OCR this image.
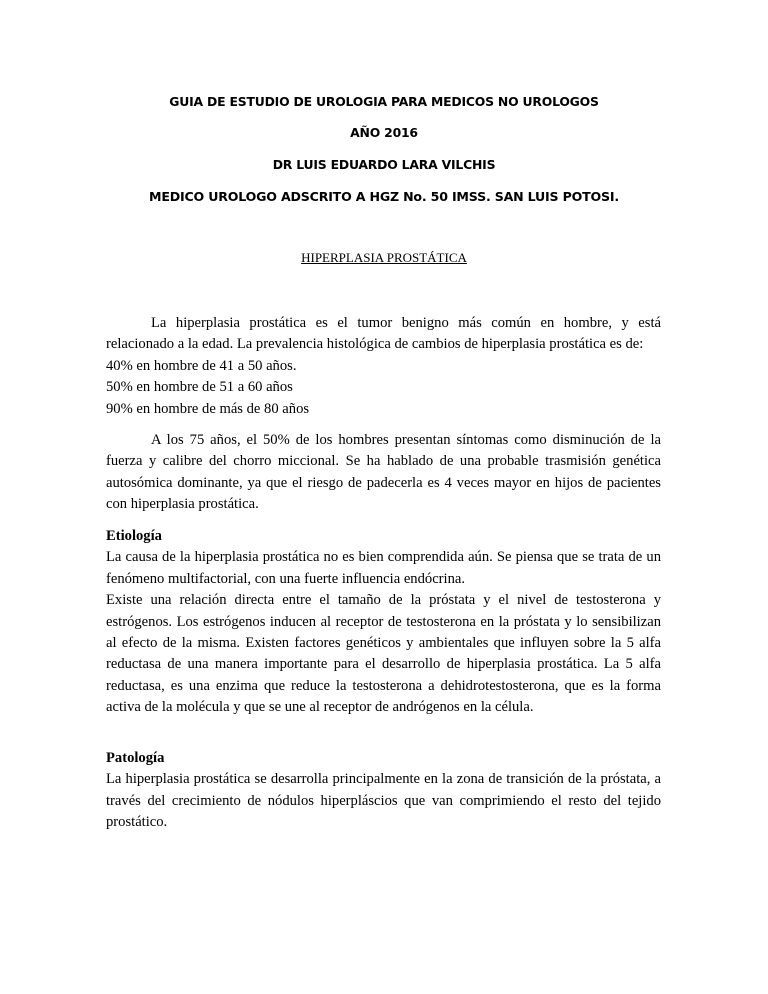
GUIA DE ESTUDIO DE UROLOGIA PARA MEDICOS NO UROLOGOS
AÑO 2016
DR LUIS EDUARDO LARA VILCHIS
MEDICO UROLOGO ADSCRITO A HGZ No. 50 IMSS. SAN LUIS POTOSI.
HIPERPLASIA PROSTÁTICA

La hiperplasia prostática es el tumor benigno más común en hombre, y está relacionado a la edad. La prevalencia histológica de cambios de hiperplasia prostática es de:

40% en hombre de 41 a 50 años.

50% en hombre de 51 a 60 años

90% en hombre de más de 80 años

A los 75 años, el 50% de los hombres presentan síntomas como disminución de la fuerza y calibre del chorro miccional. Se ha hablado de una probable trasmisión genética autosómica dominante, ya que el riesgo de padecerla es 4 veces mayor en hijos de pacientes con hiperplasia prostática.

Etiología

La causa de la hiperplasia prostática no es bien comprendida aún. Se piensa que se trata de un fenómeno multifactorial, con una fuerte influencia endócrina.

Existe una relación directa entre el tamaño de la próstata y el nivel de testosterona y estrógenos. Los estrógenos inducen al receptor de testosterona en la próstata y lo sensibilizan al efecto de la misma. Existen factores genéticos y ambientales que influyen sobre la 5 alfa reductasa de una manera importante para el desarrollo de hiperplasia prostática. La 5 alfa reductasa, es una enzima que reduce la testosterona a dehidrotestosterona, que es la forma activa de la molécula y que se une al receptor de andrógenos en la célula.

Patología

La hiperplasia prostática se desarrolla principalmente en la zona de transición de la próstata, a través del crecimiento de nódulos hiperpláscios que van comprimiendo el resto del tejido prostático.
